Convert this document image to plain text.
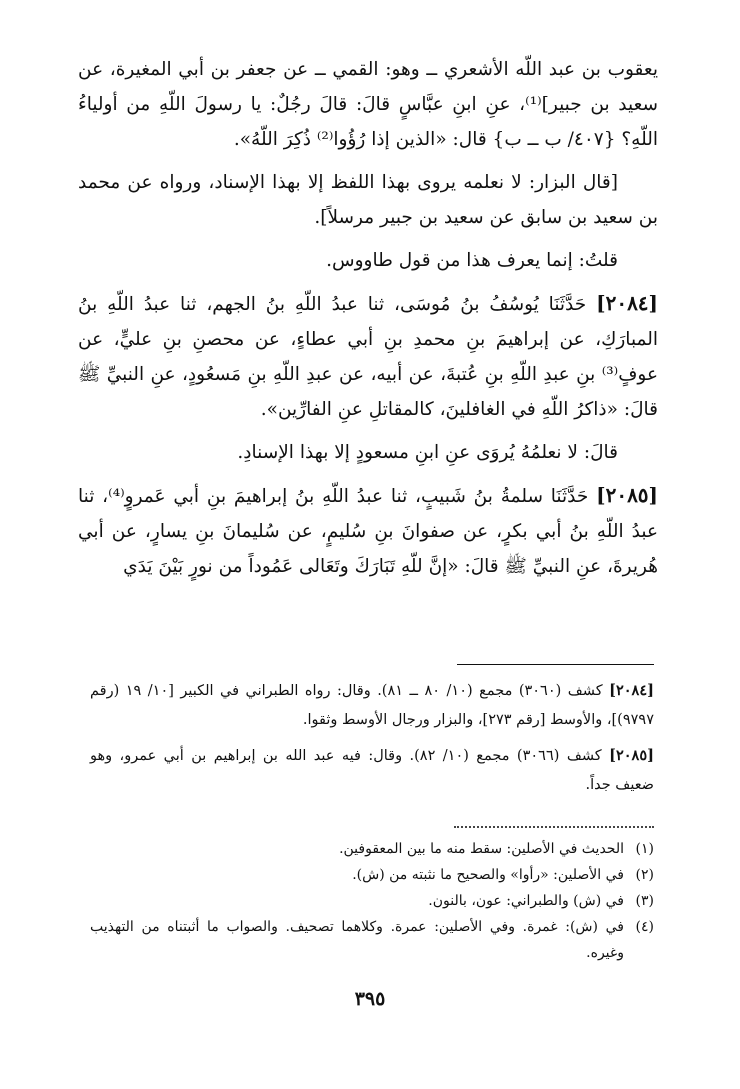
يعقوب بن عبد اللّه الأشعري ــ وهو: القمي ــ عن جعفر بن أبي المغيرة، عن سعيد بن جبير]⁽¹⁾، عنِ ابنِ عبَّاسٍ قالَ: قالَ رجُلٌ: يا رسولَ اللّهِ من أولياءُ اللّهِ؟ {٤٠٧/ ب ــ ب} قال: «الذين إذا رُؤُوا⁽²⁾ ذُكِرَ اللّهُ».

[قال البزار: لا نعلمه يروى بهذا اللفظ إلا بهذا الإسناد، ورواه عن محمد بن سعيد بن سابق عن سعيد بن جبير مرسلاً].

قلتُ: إنما يعرف هذا من قول طاووس.

[٢٠٨٤] حَدَّثَنَا يُوسُفُ بنُ مُوسَى، ثنا عبدُ اللّهِ بنُ الجهم، ثنا عبدُ اللّهِ بنُ المبارَكِ، عن إبراهيمَ بنِ محمدِ بنِ أبي عطاءٍ، عن محصنِ بنِ عليٍّ، عن عوفٍ⁽³⁾ بنِ عبدِ اللّهِ بنِ عُتبةَ، عن أبيه، عن عبدِ اللّهِ بنِ مَسعُودٍ، عنِ النبيِّ ﷺ قالَ: «ذاكرُ اللّهِ في الغافلينَ، كالمقاتلِ عنِ الفارِّين».

قالَ: لا نعلمُهُ يُروَى عنِ ابنِ مسعودٍ إلا بهذا الإسنادِ.

[٢٠٨٥] حَدَّثَنَا سلمةُ بنُ شَبيبٍ، ثنا عبدُ اللّهِ بنُ إبراهيمَ بنِ أبي عَمروٍ⁽⁴⁾، ثنا عبدُ اللّهِ بنُ أبي بكرٍ، عن صفوانَ بنِ سُليمٍ، عن سُليمانَ بنِ يسارٍ، عن أبي هُريرةَ، عنِ النبيِّ ﷺ قالَ: «إنَّ للّهِ تَبَارَكَ وتَعَالى عَمُوداً من نورٍ بَيْنَ يَدَي

[٢٠٨٤] كشف (٣٠٦٠) مجمع (١٠/ ٨٠ ــ ٨١). وقال: رواه الطبراني في الكبير [١٠/ ١٩ (رقم ٩٧٩٧)]، والأوسط [رقم ٢٧٣]، والبزار ورجال الأوسط وثقوا.

[٢٠٨٥] كشف (٣٠٦٦) مجمع (١٠/ ٨٢). وقال: فيه عبد الله بن إبراهيم بن أبي عمرو، وهو ضعيف جداً.

(١)
الحديث في الأصلين: سقط منه ما بين المعقوفين.
(٢)
في الأصلين: «رأوا» والصحيح ما نثبته من (ش).
(٣)
في (ش) والطبراني: عون، بالنون.
(٤)
في (ش): غمرة. وفي الأصلين: عمرة. وكلاهما تصحيف. والصواب ما أثبتناه من التهذيب وغيره.
٣٩٥
